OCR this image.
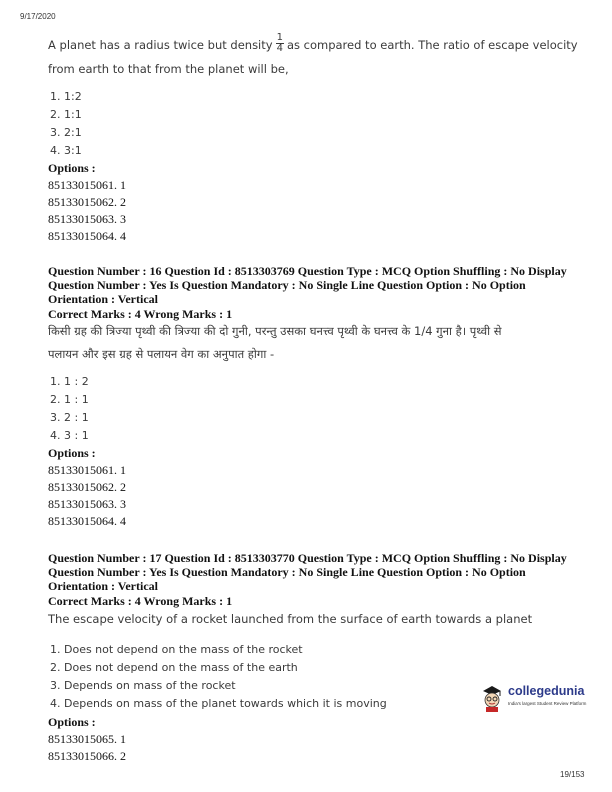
9/17/2020
A planet has a radius twice but density $\frac{1}{4}$ as compared to earth. The ratio of escape velocity
from earth to that from the planet will be,
1. 1:2
2. 1:1
3. 2:1
4. 3:1
Options :
85133015061. 1
85133015062. 2
85133015063. 3
85133015064. 4
Question Number : 16 Question Id : 8513303769 Question Type : MCQ Option Shuffling : No Display
Question Number : Yes Is Question Mandatory : No Single Line Question Option : No Option
Orientation : Vertical
Correct Marks : 4 Wrong Marks : 1
किसी ग्रह की त्रिज्या पृथ्वी की त्रिज्या की दो गुनी, परन्तु उसका घनत्त्व पृथ्वी के घनत्त्व के 1/4 गुना है। पृथ्वी से
पलायन और इस ग्रह से पलायन वेग का अनुपात होगा -
1. 1 : 2
2. 1 : 1
3. 2 : 1
4. 3 : 1
Options :
85133015061. 1
85133015062. 2
85133015063. 3
85133015064. 4
Question Number : 17 Question Id : 8513303770 Question Type : MCQ Option Shuffling : No Display
Question Number : Yes Is Question Mandatory : No Single Line Question Option : No Option
Orientation : Vertical
Correct Marks : 4 Wrong Marks : 1
The escape velocity of a rocket launched from the surface of earth towards a planet
1. Does not depend on the mass of the rocket
2. Does not depend on the mass of the earth
3. Depends on mass of the rocket
4. Depends on mass of the planet towards which it is moving
Options :
85133015065. 1
85133015066. 2
collegedunia
India's largest Student Review Platform
19/153
